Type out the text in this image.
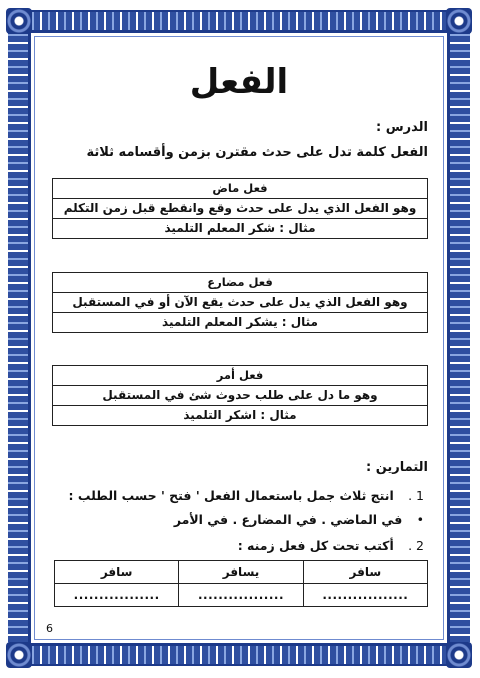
الفعل
الدرس :
الفعل كلمة تدل على حدث مقترن بزمن وأقسامه ثلاثة
فعل ماض
وهو الفعل الذي يدل على حدث وقع وانقطع قبل زمن التكلم
مثال : شكر المعلم التلميذ
فعل مضارع
وهو الفعل الذي يدل على حدث يقع الآن أو في المستقبل
مثال : يشكر المعلم التلميذ
فعل أمر
وهو ما دل على طلب حدوث شئ في المستقبل
مثال : اشكر التلميذ
التمارين :
1 . انتج ثلاث جمل باستعمال الفعل ' فتح ' حسب الطلب :
• في الماضي . في المضارع . في الأمر
2 . أكتب تحت كل فعل زمنه :
سافر	يسافر	سافر
.................	.................	.................
6
